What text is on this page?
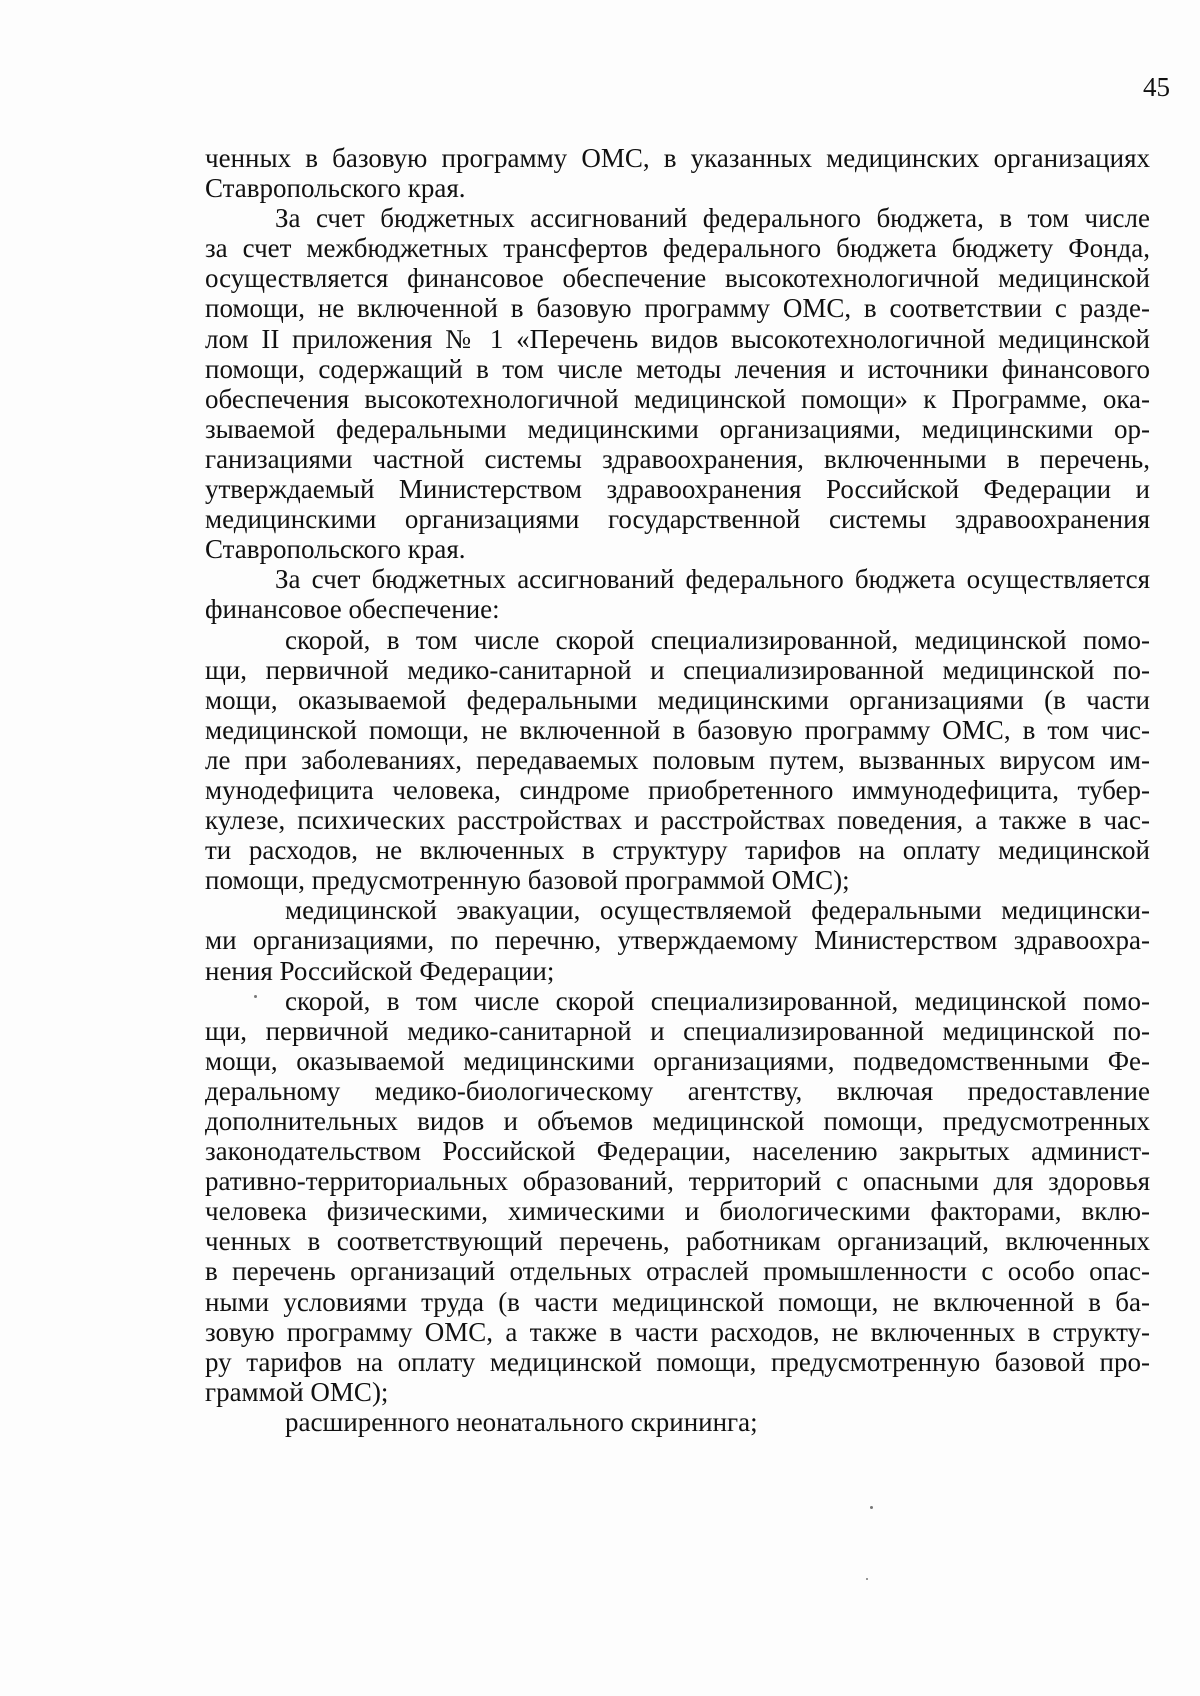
45
ченных в базовую программу ОМС, в указанных медицинских организациях
Ставропольского края.
За счет бюджетных ассигнований федерального бюджета, в том числе
за счет межбюджетных трансфертов федерального бюджета бюджету Фонда,
осуществляется финансовое обеспечение высокотехнологичной медицинской
помощи, не включенной в базовую программу ОМС, в соответствии с разде-
лом II приложения № 1 «Перечень видов высокотехнологичной медицинской
помощи, содержащий в том числе методы лечения и источники финансового
обеспечения высокотехнологичной медицинской помощи» к Программе, ока-
зываемой федеральными медицинскими организациями, медицинскими ор-
ганизациями частной системы здравоохранения, включенными в перечень,
утверждаемый Министерством здравоохранения Российской Федерации и
медицинскими организациями государственной системы здравоохранения
Ставропольского края.
За счет бюджетных ассигнований федерального бюджета осуществляется
финансовое обеспечение:
скорой, в том числе скорой специализированной, медицинской помо-
щи, первичной медико-санитарной и специализированной медицинской по-
мощи, оказываемой федеральными медицинскими организациями (в части
медицинской помощи, не включенной в базовую программу ОМС, в том чис-
ле при заболеваниях, передаваемых половым путем, вызванных вирусом им-
мунодефицита человека, синдроме приобретенного иммунодефицита, тубер-
кулезе, психических расстройствах и расстройствах поведения, а также в час-
ти расходов, не включенных в структуру тарифов на оплату медицинской
помощи, предусмотренную базовой программой ОМС);
медицинской эвакуации, осуществляемой федеральными медицински-
ми организациями, по перечню, утверждаемому Министерством здравоохра-
нения Российской Федерации;
скорой, в том числе скорой специализированной, медицинской помо-
щи, первичной медико-санитарной и специализированной медицинской по-
мощи, оказываемой медицинскими организациями, подведомственными Фе-
деральному медико-биологическому агентству, включая предоставление
дополнительных видов и объемов медицинской помощи, предусмотренных
законодательством Российской Федерации, населению закрытых админист-
ративно-территориальных образований, территорий с опасными для здоровья
человека физическими, химическими и биологическими факторами, вклю-
ченных в соответствующий перечень, работникам организаций, включенных
в перечень организаций отдельных отраслей промышленности с особо опас-
ными условиями труда (в части медицинской помощи, не включенной в ба-
зовую программу ОМС, а также в части расходов, не включенных в структу-
ру тарифов на оплату медицинской помощи, предусмотренную базовой про-
граммой ОМС);
расширенного неонатального скрининга;
